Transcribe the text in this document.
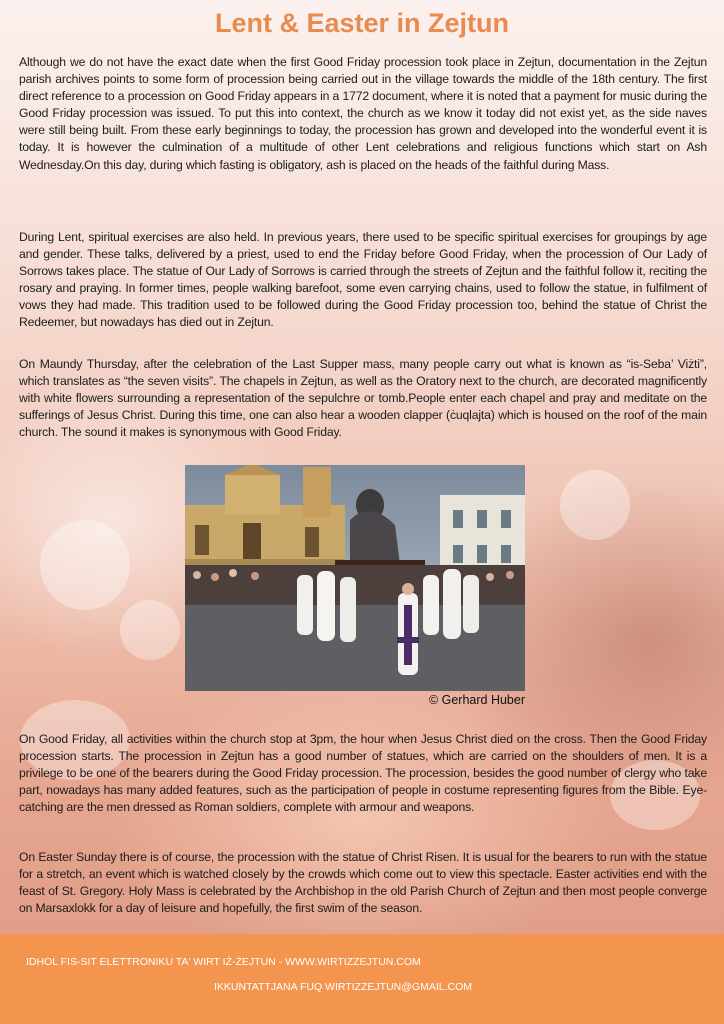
Lent & Easter in Zejtun

Although we do not have the exact date when the first Good Friday procession took place in Zejtun, documentation in the Zejtun parish archives points to some form of procession being carried out in the village towards the middle of the 18th century. The first direct reference to a procession on Good Friday appears in a 1772 document, where it is noted that a payment for music during the Good Friday procession was issued. To put this into context, the church as we know it today did not exist yet, as the side naves were still being built. From these early beginnings to today, the procession has grown and developed into the wonderful event it is today. It is however the culmination of a multitude of other Lent celebrations and religious functions which start on Ash Wednesday.On this day, during which fasting is obligatory, ash is placed on the heads of the faithful during Mass.

During Lent, spiritual exercises are also held. In previous years, there used to be specific spiritual exercises for groupings by age and gender. These talks, delivered by a priest, used to end the Friday before Good Friday, when the procession of Our Lady of Sorrows takes place. The statue of Our Lady of Sorrows is carried through the streets of Zejtun and the faithful follow it, reciting the rosary and praying. In former times, people walking barefoot, some even carrying chains, used to follow the statue, in fulfilment of vows they had made. This tradition used to be followed during the Good Friday procession too, behind the statue of Christ the Redeemer, but nowadays has died out in Zejtun.

On Maundy Thursday, after the celebration of the Last Supper mass, many people carry out what is known as “is-Seba’ Viżti”, which translates as “the seven visits”. The chapels in Zejtun, as well as the Oratory next to the church, are decorated magnificently with white flowers surrounding a representation of the sepulchre or tomb.People enter each chapel and pray and meditate on the sufferings of Jesus Christ. During this time, one can also hear a wooden clapper (ċuqlajta) which is housed on the roof of the main church. The sound it makes is synonymous with Good Friday.

© Gerhard Huber

On Good Friday, all activities within the church stop at 3pm, the hour when Jesus Christ died on the cross. Then the Good Friday procession starts. The procession in Zejtun has a good number of statues, which are carried on the shoulders of men. It is a privilege to be one of the bearers during the Good Friday procession. The procession, besides the good number of clergy who take part, nowadays has many added features, such as the participation of people in costume representing figures from the Bible. Eye-catching are the men dressed as Roman soldiers, complete with armour and weapons.

On Easter Sunday there is of course, the procession with the statue of Christ Risen. It is usual for the bearers to run with the statue for a stretch, an event which is watched closely by the crowds which come out to view this spectacle. Easter activities end with the feast of St. Gregory. Holy Mass is celebrated by the Archbishop in the old Parish Church of Zejtun and then most people converge on Marsaxlokk for a day of leisure and hopefully, the first swim of the season.

IDHOL FIS-SIT ELETTRONIKU TA' WIRT IŻ-ŻEJTUN - WWW.WIRTIZZEJTUN.COM

IKKUNTATTJANA FUQ WIRTIZZEJTUN@GMAIL.COM
